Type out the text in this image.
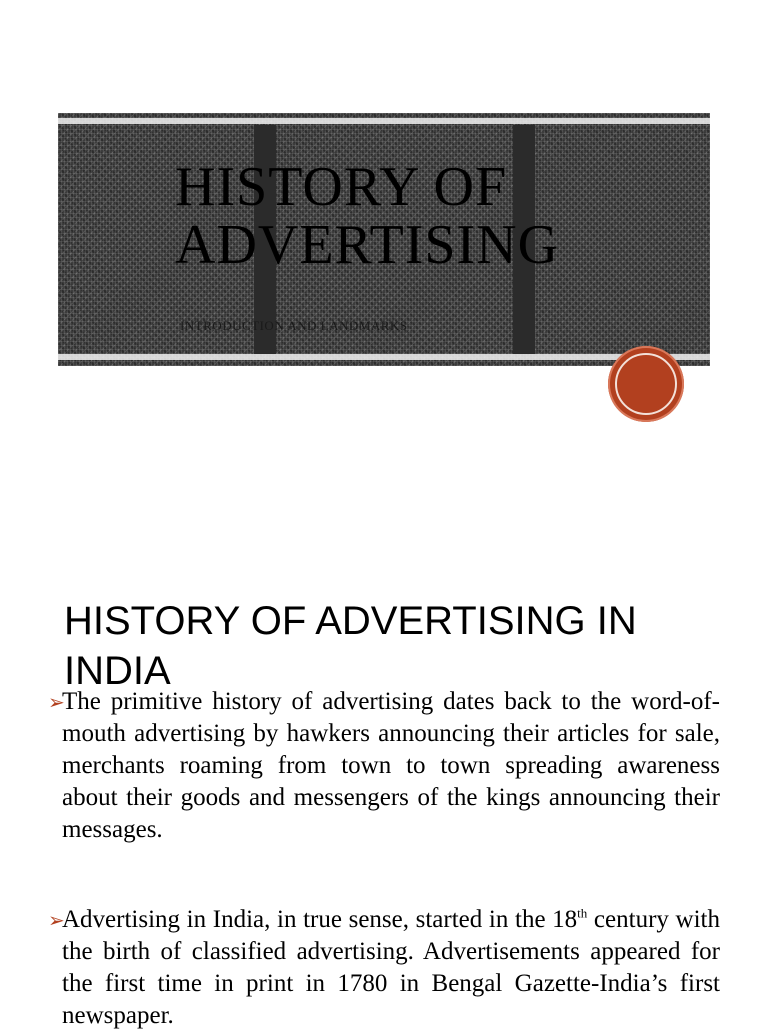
HISTORY OF
ADVERTISING
INTRODUCTION AND LANDMARKS
HISTORY OF ADVERTISING IN INDIA

➢
The primitive history of advertising dates back to the word-of-mouth advertising by hawkers announcing their articles for sale, merchants roaming from town to town spreading awareness about their goods and messengers of the kings announcing their messages.

➢
Advertising in India, in true sense, started in the 18th century with the birth of classified advertising. Advertisements appeared for the first time in print in 1780 in Bengal Gazette-India’s first newspaper.
